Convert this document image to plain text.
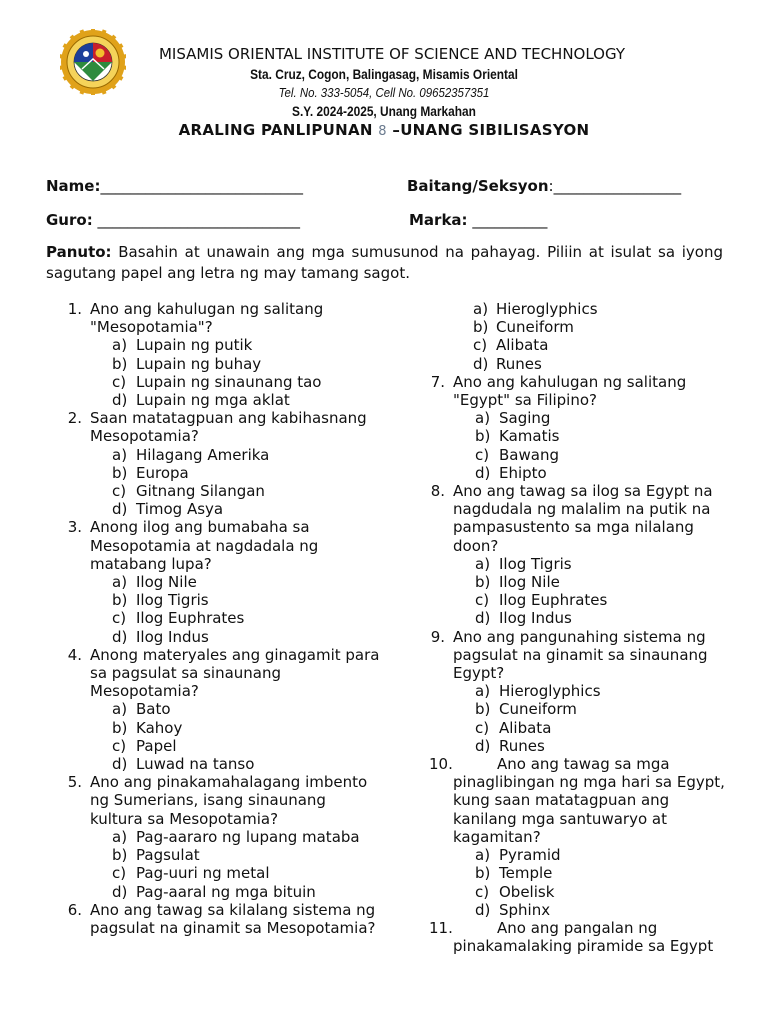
MISAMIS ORIENTAL INSTITUTE OF SCIENCE AND TECHNOLOGY
Sta. Cruz, Cogon, Balingasag, Misamis Oriental
Tel. No. 333-5054, Cell No. 09652357351
S.Y. 2024-2025, Unang Markahan
ARALING PANLIPUNAN 8 –UNANG SIBILISASYON
Name:___________________________	Baitang/Seksyon:_________________
Guro: ___________________________	Marka: __________
Panuto: Basahin at unawain ang mga sumusunod na pahayag. Piliin at isulat sa iyong sagutang papel ang letra ng may tamang sagot.
1. Ano ang kahulugan ng salitang "Mesopotamia"?
a) Lupain ng putik
b) Lupain ng buhay
c) Lupain ng sinaunang tao
d) Lupain ng mga aklat
2. Saan matatagpuan ang kabihasnang Mesopotamia?
a) Hilagang Amerika
b) Europa
c) Gitnang Silangan
d) Timog Asya
3. Anong ilog ang bumabaha sa Mesopotamia at nagdadala ng matabang lupa?
a) Ilog Nile
b) Ilog Tigris
c) Ilog Euphrates
d) Ilog Indus
4. Anong materyales ang ginagamit para sa pagsulat sa sinaunang Mesopotamia?
a) Bato
b) Kahoy
c) Papel
d) Luwad na tanso
5. Ano ang pinakamahalagang imbento ng Sumerians, isang sinaunang kultura sa Mesopotamia?
a) Pag-aararo ng lupang mataba
b) Pagsulat
c) Pag-uuri ng metal
d) Pag-aaral ng mga bituin
6. Ano ang tawag sa kilalang sistema ng pagsulat na ginamit sa Mesopotamia?
a) Hieroglyphics
b) Cuneiform
c) Alibata
d) Runes
7. Ano ang kahulugan ng salitang "Egypt" sa Filipino?
a) Saging
b) Kamatis
c) Bawang
d) Ehipto
8. Ano ang tawag sa ilog sa Egypt na nagdudala ng malalim na putik na pampasustento sa mga nilalang doon?
a) Ilog Tigris
b) Ilog Nile
c) Ilog Euphrates
d) Ilog Indus
9. Ano ang pangunahing sistema ng pagsulat na ginamit sa sinaunang Egypt?
a) Hieroglyphics
b) Cuneiform
c) Alibata
d) Runes
10.	Ano ang tawag sa mga pinaglibingan ng mga hari sa Egypt, kung saan matatagpuan ang kanilang mga santuwaryo at kagamitan?
a) Pyramid
b) Temple
c) Obelisk
d) Sphinx
11.	Ano ang pangalan ng pinakamalaking piramide sa Egypt
